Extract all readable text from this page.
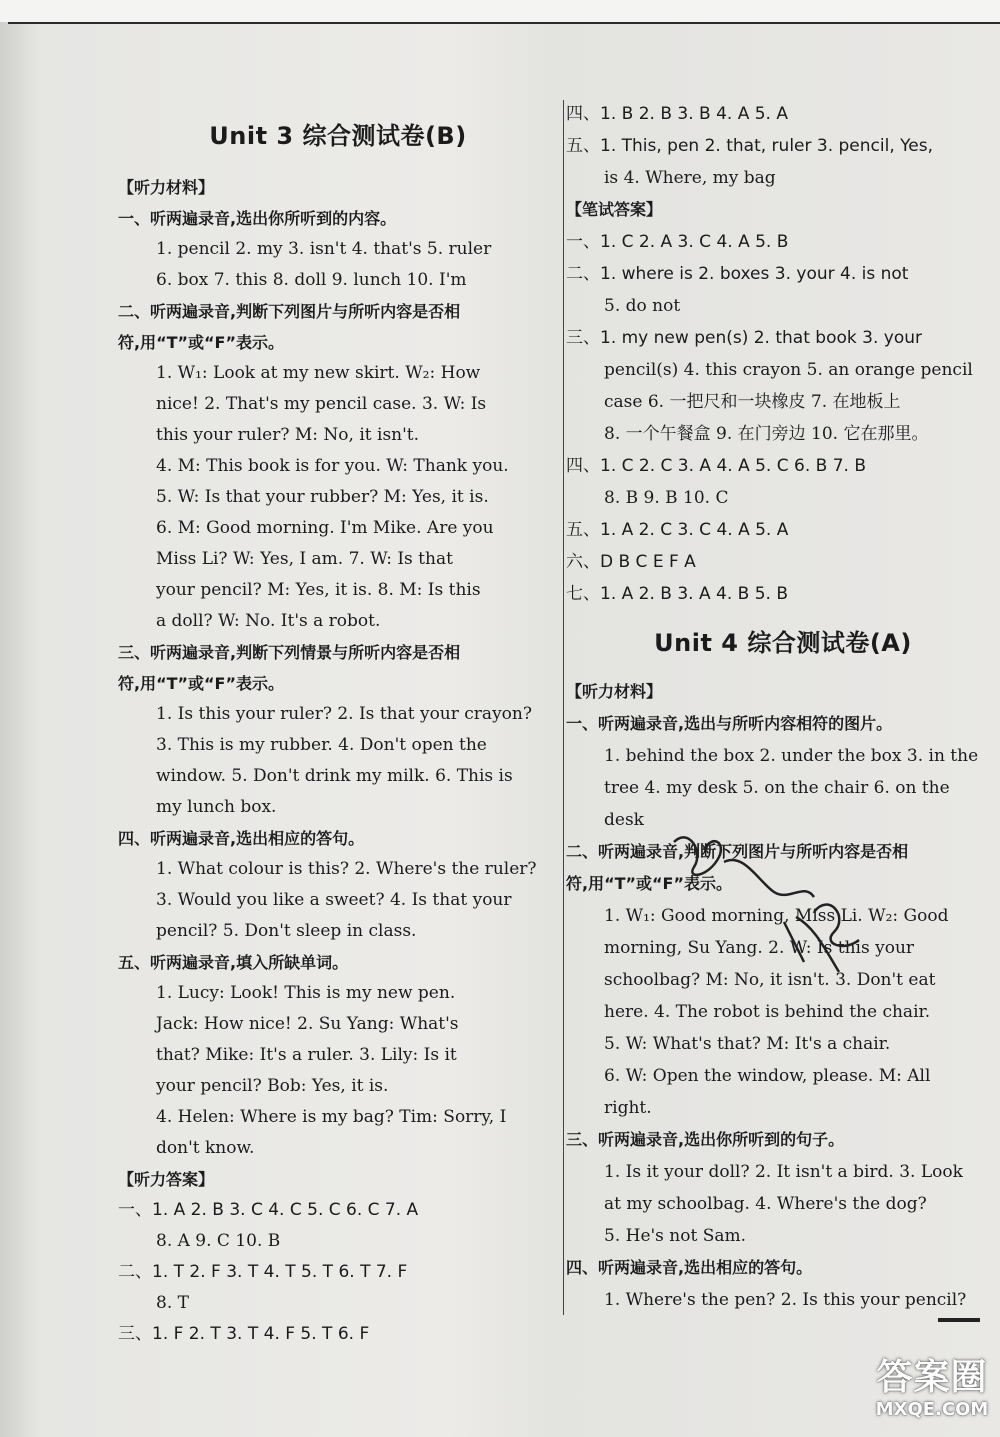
Unit 3 综合测试卷(B)
【听力材料】
一、听两遍录音,选出你所听到的内容。
1. pencil 2. my 3. isn't 4. that's 5. ruler
6. box 7. this 8. doll 9. lunch 10. I'm
二、听两遍录音,判断下列图片与所听内容是否相
符,用“T”或“F”表示。
1. W₁: Look at my new skirt. W₂: How
nice! 2. That's my pencil case. 3. W: Is
this your ruler? M: No, it isn't.
4. M: This book is for you. W: Thank you.
5. W: Is that your rubber? M: Yes, it is.
6. M: Good morning. I'm Mike. Are you
Miss Li? W: Yes, I am. 7. W: Is that
your pencil? M: Yes, it is. 8. M: Is this
a doll? W: No. It's a robot.
三、听两遍录音,判断下列情景与所听内容是否相
符,用“T”或“F”表示。
1. Is this your ruler? 2. Is that your crayon?
3. This is my rubber. 4. Don't open the
window. 5. Don't drink my milk. 6. This is
my lunch box.
四、听两遍录音,选出相应的答句。
1. What colour is this? 2. Where's the ruler?
3. Would you like a sweet? 4. Is that your
pencil? 5. Don't sleep in class.
五、听两遍录音,填入所缺单词。
1. Lucy: Look! This is my new pen.
Jack: How nice! 2. Su Yang: What's
that? Mike: It's a ruler. 3. Lily: Is it
your pencil? Bob: Yes, it is.
4. Helen: Where is my bag? Tim: Sorry, I
don't know.
【听力答案】
一、1. A 2. B 3. C 4. C 5. C 6. C 7. A
8. A 9. C 10. B
二、1. T 2. F 3. T 4. T 5. T 6. T 7. F
8. T
三、1. F 2. T 3. T 4. F 5. T 6. F
四、1. B 2. B 3. B 4. A 5. A
五、1. This, pen 2. that, ruler 3. pencil, Yes,
is 4. Where, my bag
【笔试答案】
一、1. C 2. A 3. C 4. A 5. B
二、1. where is 2. boxes 3. your 4. is not
5. do not
三、1. my new pen(s) 2. that book 3. your
pencil(s) 4. this crayon 5. an orange pencil
case 6. 一把尺和一块橡皮 7. 在地板上
8. 一个午餐盒 9. 在门旁边 10. 它在那里。
四、1. C 2. C 3. A 4. A 5. C 6. B 7. B
8. B 9. B 10. C
五、1. A 2. C 3. C 4. A 5. A
六、D B C E F A
七、1. A 2. B 3. A 4. B 5. B
Unit 4 综合测试卷(A)
【听力材料】
一、听两遍录音,选出与所听内容相符的图片。
1. behind the box 2. under the box 3. in the
tree 4. my desk 5. on the chair 6. on the
desk
二、听两遍录音,判断下列图片与所听内容是否相
符,用“T”或“F”表示。
1. W₁: Good morning, Miss Li. W₂: Good
morning, Su Yang. 2. W: Is this your
schoolbag? M: No, it isn't. 3. Don't eat
here. 4. The robot is behind the chair.
5. W: What's that? M: It's a chair.
6. W: Open the window, please. M: All
right.
三、听两遍录音,选出你所听到的句子。
1. Is it your doll? 2. It isn't a bird. 3. Look
at my schoolbag. 4. Where's the dog?
5. He's not Sam.
四、听两遍录音,选出相应的答句。
1. Where's the pen? 2. Is this your pencil?
答案圈
MXQE.COM
